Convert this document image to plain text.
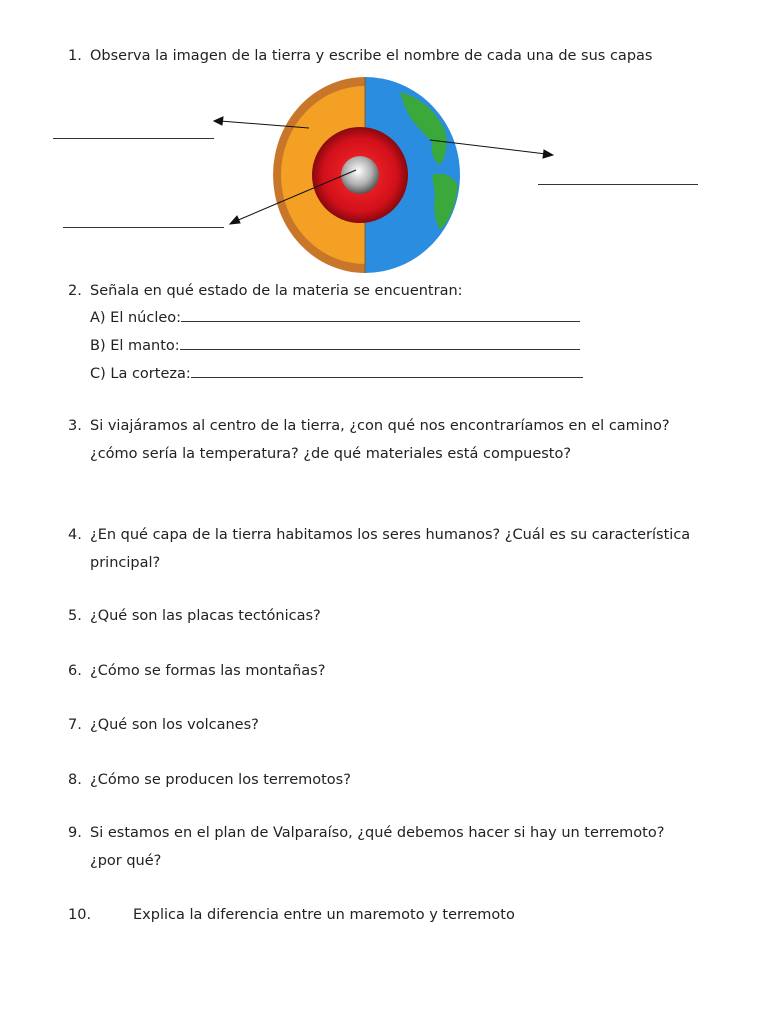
1. Observa la imagen de la tierra y escribe el nombre de cada una de sus capas
2. Señala en qué estado de la materia se encuentran:
A) El núcleo:
B) El manto:
C) La corteza:
3. Si viajáramos al centro de la tierra, ¿con qué nos encontraríamos en el camino?
¿cómo sería la temperatura? ¿de qué materiales está compuesto?
4. ¿En qué capa de la tierra habitamos los seres humanos? ¿Cuál es su característica
principal?
5. ¿Qué son las placas tectónicas?
6. ¿Cómo se formas las montañas?
7. ¿Qué son los volcanes?
8. ¿Cómo se producen los terremotos?
9. Si estamos en el plan de Valparaíso, ¿qué debemos hacer si hay un terremoto?
¿por qué?
10.	Explica la diferencia entre un maremoto y terremoto
